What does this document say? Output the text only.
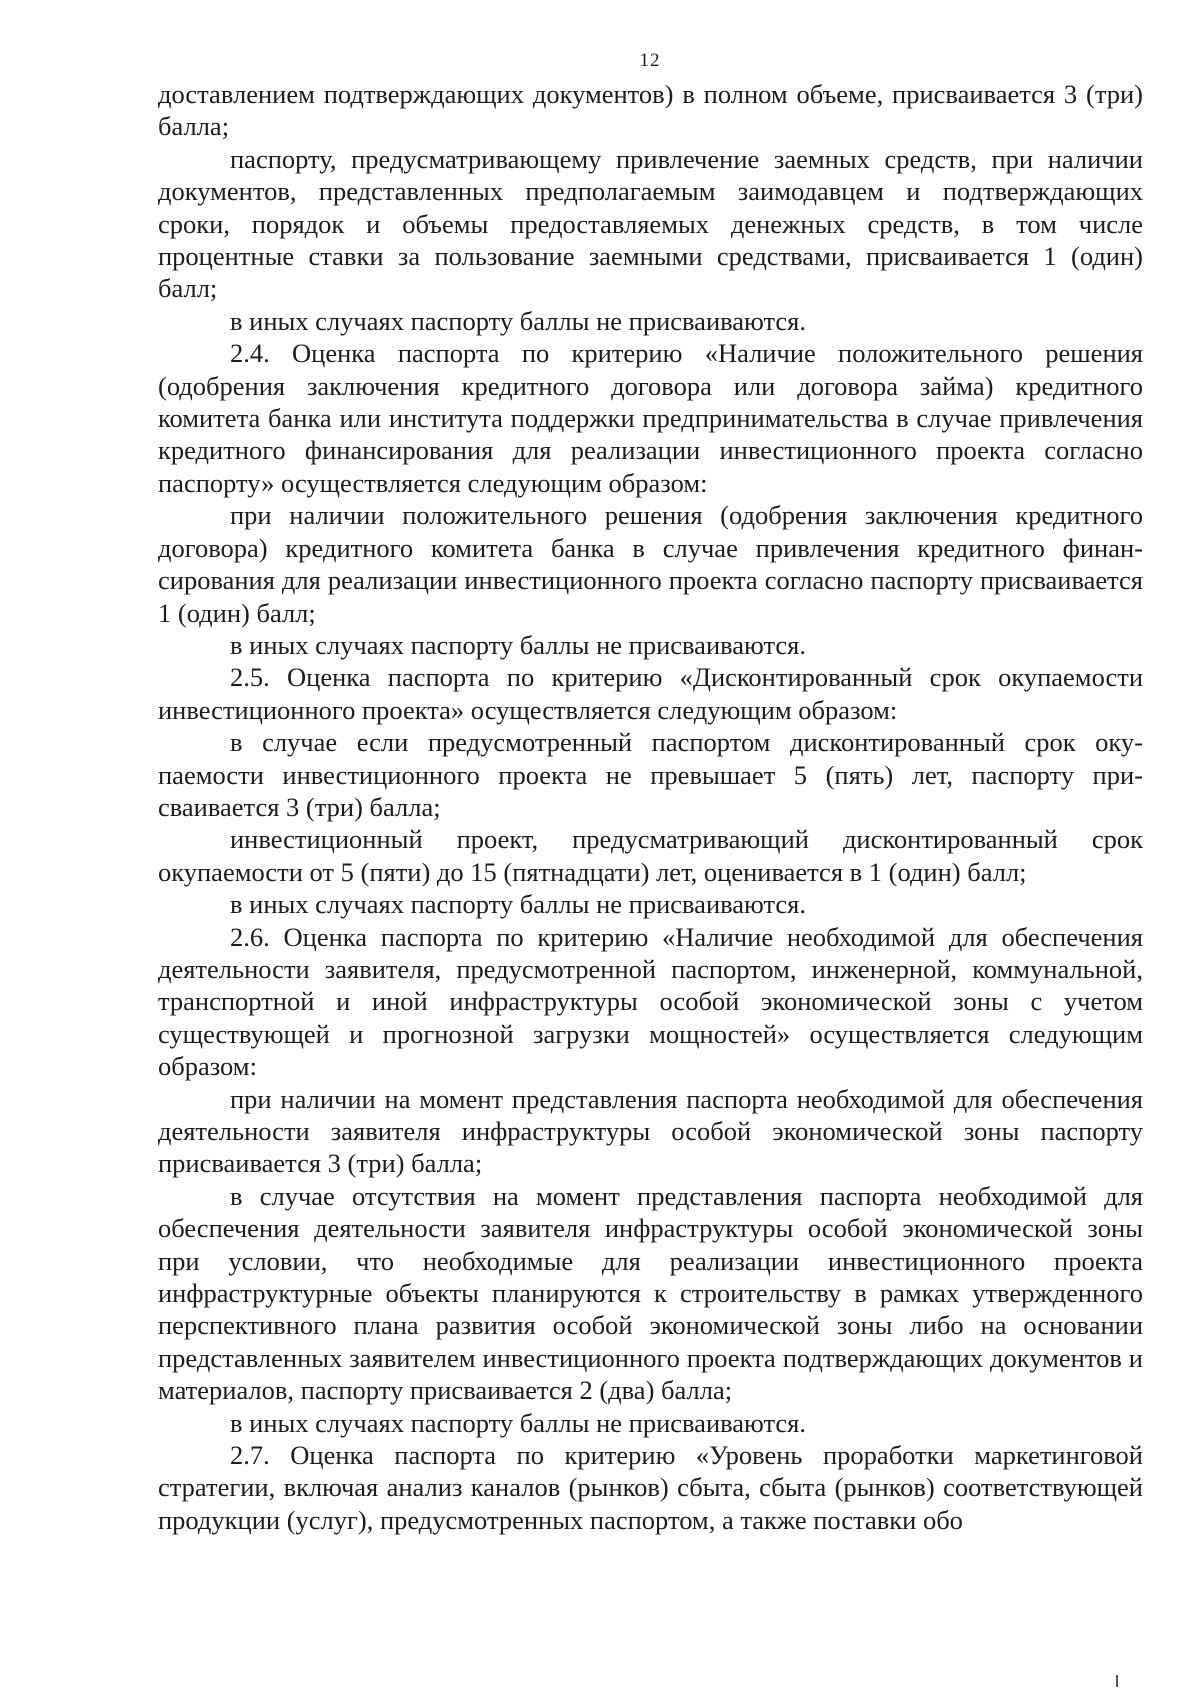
12

доставлением подтверждающих документов) в полном объеме, присваивается 3 (три) балла;

паспорту, предусматривающему привлечение заемных средств, при наличии документов, представленных предполагаемым заимодавцем и подтверждающих сроки, порядок и объемы предоставляемых денежных средств, в том числе процентные ставки за пользование заемными средствами, присваивается 1 (один) балл;

в иных случаях паспорту баллы не присваиваются.

2.4. Оценка паспорта по критерию «Наличие положительного решения (одобрения заключения кредитного договора или договора займа) кредитного комитета банка или института поддержки предпринимательства в случае привлечения кредитного финансирования для реализации инвестиционного проекта согласно паспорту» осуществляется следующим образом:

при наличии положительного решения (одобрения заключения кредитного договора) кредитного комитета банка в случае привлечения кредитного финансирования для реализации инвестиционного проекта согласно паспорту присваивается 1 (один) балл;

в иных случаях паспорту баллы не присваиваются.

2.5. Оценка паспорта по критерию «Дисконтированный срок окупаемости инвестиционного проекта» осуществляется следующим образом:

в случае если предусмотренный паспортом дисконтированный срок окупаемости инвестиционного проекта не превышает 5 (пять) лет, паспорту присваивается 3 (три) балла;

инвестиционный проект, предусматривающий дисконтированный срок окупаемости от 5 (пяти) до 15 (пятнадцати) лет, оценивается в 1 (один) балл;

в иных случаях паспорту баллы не присваиваются.

2.6. Оценка паспорта по критерию «Наличие необходимой для обеспечения деятельности заявителя, предусмотренной паспортом, инженерной, коммунальной, транспортной и иной инфраструктуры особой экономической зоны с учетом существующей и прогнозной загрузки мощностей» осуществляется следующим образом:

при наличии на момент представления паспорта необходимой для обеспечения деятельности заявителя инфраструктуры особой экономической зоны паспорту присваивается 3 (три) балла;

в случае отсутствия на момент представления паспорта необходимой для обеспечения деятельности заявителя инфраструктуры особой экономической зоны при условии, что необходимые для реализации инвестиционного проекта инфраструктурные объекты планируются к строительству в рамках утвержденного перспективного плана развития особой экономической зоны либо на основании представленных заявителем инвестиционного проекта подтверждающих документов и материалов, паспорту присваивается 2 (два) балла;

в иных случаях паспорту баллы не присваиваются.

2.7. Оценка паспорта по критерию «Уровень проработки маркетинговой стратегии, включая анализ каналов (рынков) сбыта, сбыта (рынков) соответствующей продукции (услуг), предусмотренных паспортом, а также поставки обо
